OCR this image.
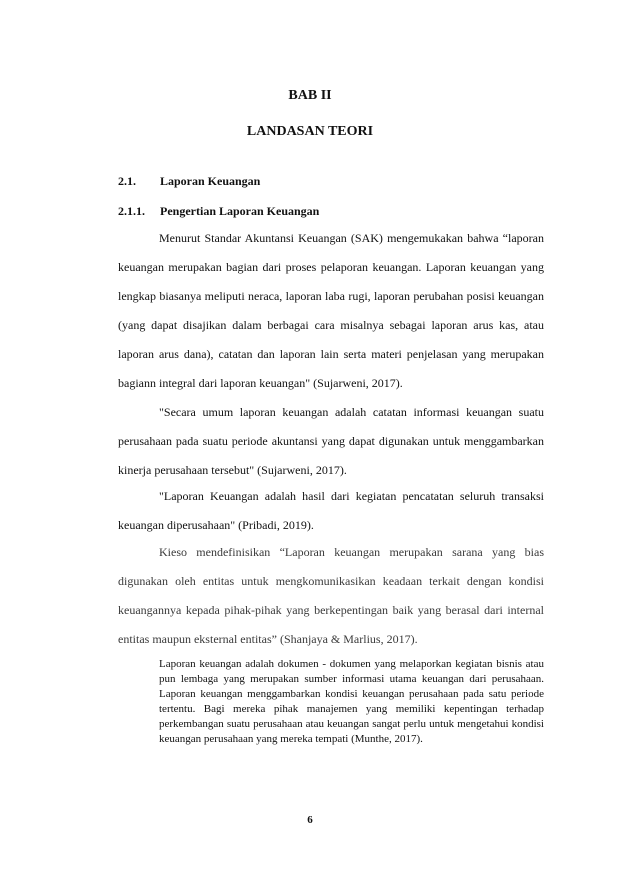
BAB II
LANDASAN TEORI
2.1. Laporan Keuangan
2.1.1. Pengertian Laporan Keuangan

Menurut Standar Akuntansi Keuangan (SAK) mengemukakan bahwa “laporan keuangan merupakan bagian dari proses pelaporan keuangan. Laporan keuangan yang lengkap biasanya meliputi neraca, laporan laba rugi, laporan perubahan posisi keuangan (yang dapat disajikan dalam berbagai cara misalnya sebagai laporan arus kas, atau laporan arus dana), catatan dan laporan lain serta materi penjelasan yang merupakan bagiann integral dari laporan keuangan" (Sujarweni, 2017).

"Secara umum laporan keuangan adalah catatan informasi keuangan suatu perusahaan pada suatu periode akuntansi yang dapat digunakan untuk menggambarkan kinerja perusahaan tersebut" (Sujarweni, 2017).

"Laporan Keuangan adalah hasil dari kegiatan pencatatan seluruh transaksi keuangan diperusahaan" (Pribadi, 2019).

Kieso mendefinisikan “Laporan keuangan merupakan sarana yang bias digunakan oleh entitas untuk mengkomunikasikan keadaan terkait dengan kondisi keuangannya kepada pihak-pihak yang berkepentingan baik yang berasal dari internal entitas maupun eksternal entitas” (Shanjaya & Marlius, 2017).

Laporan keuangan adalah dokumen - dokumen yang melaporkan kegiatan bisnis atau pun lembaga yang merupakan sumber informasi utama keuangan dari perusahaan. Laporan keuangan menggambarkan kondisi keuangan perusahaan pada satu periode tertentu. Bagi mereka pihak manajemen yang memiliki kepentingan terhadap perkembangan suatu perusahaan atau keuangan sangat perlu untuk mengetahui kondisi keuangan perusahaan yang mereka tempati (Munthe, 2017).

6
